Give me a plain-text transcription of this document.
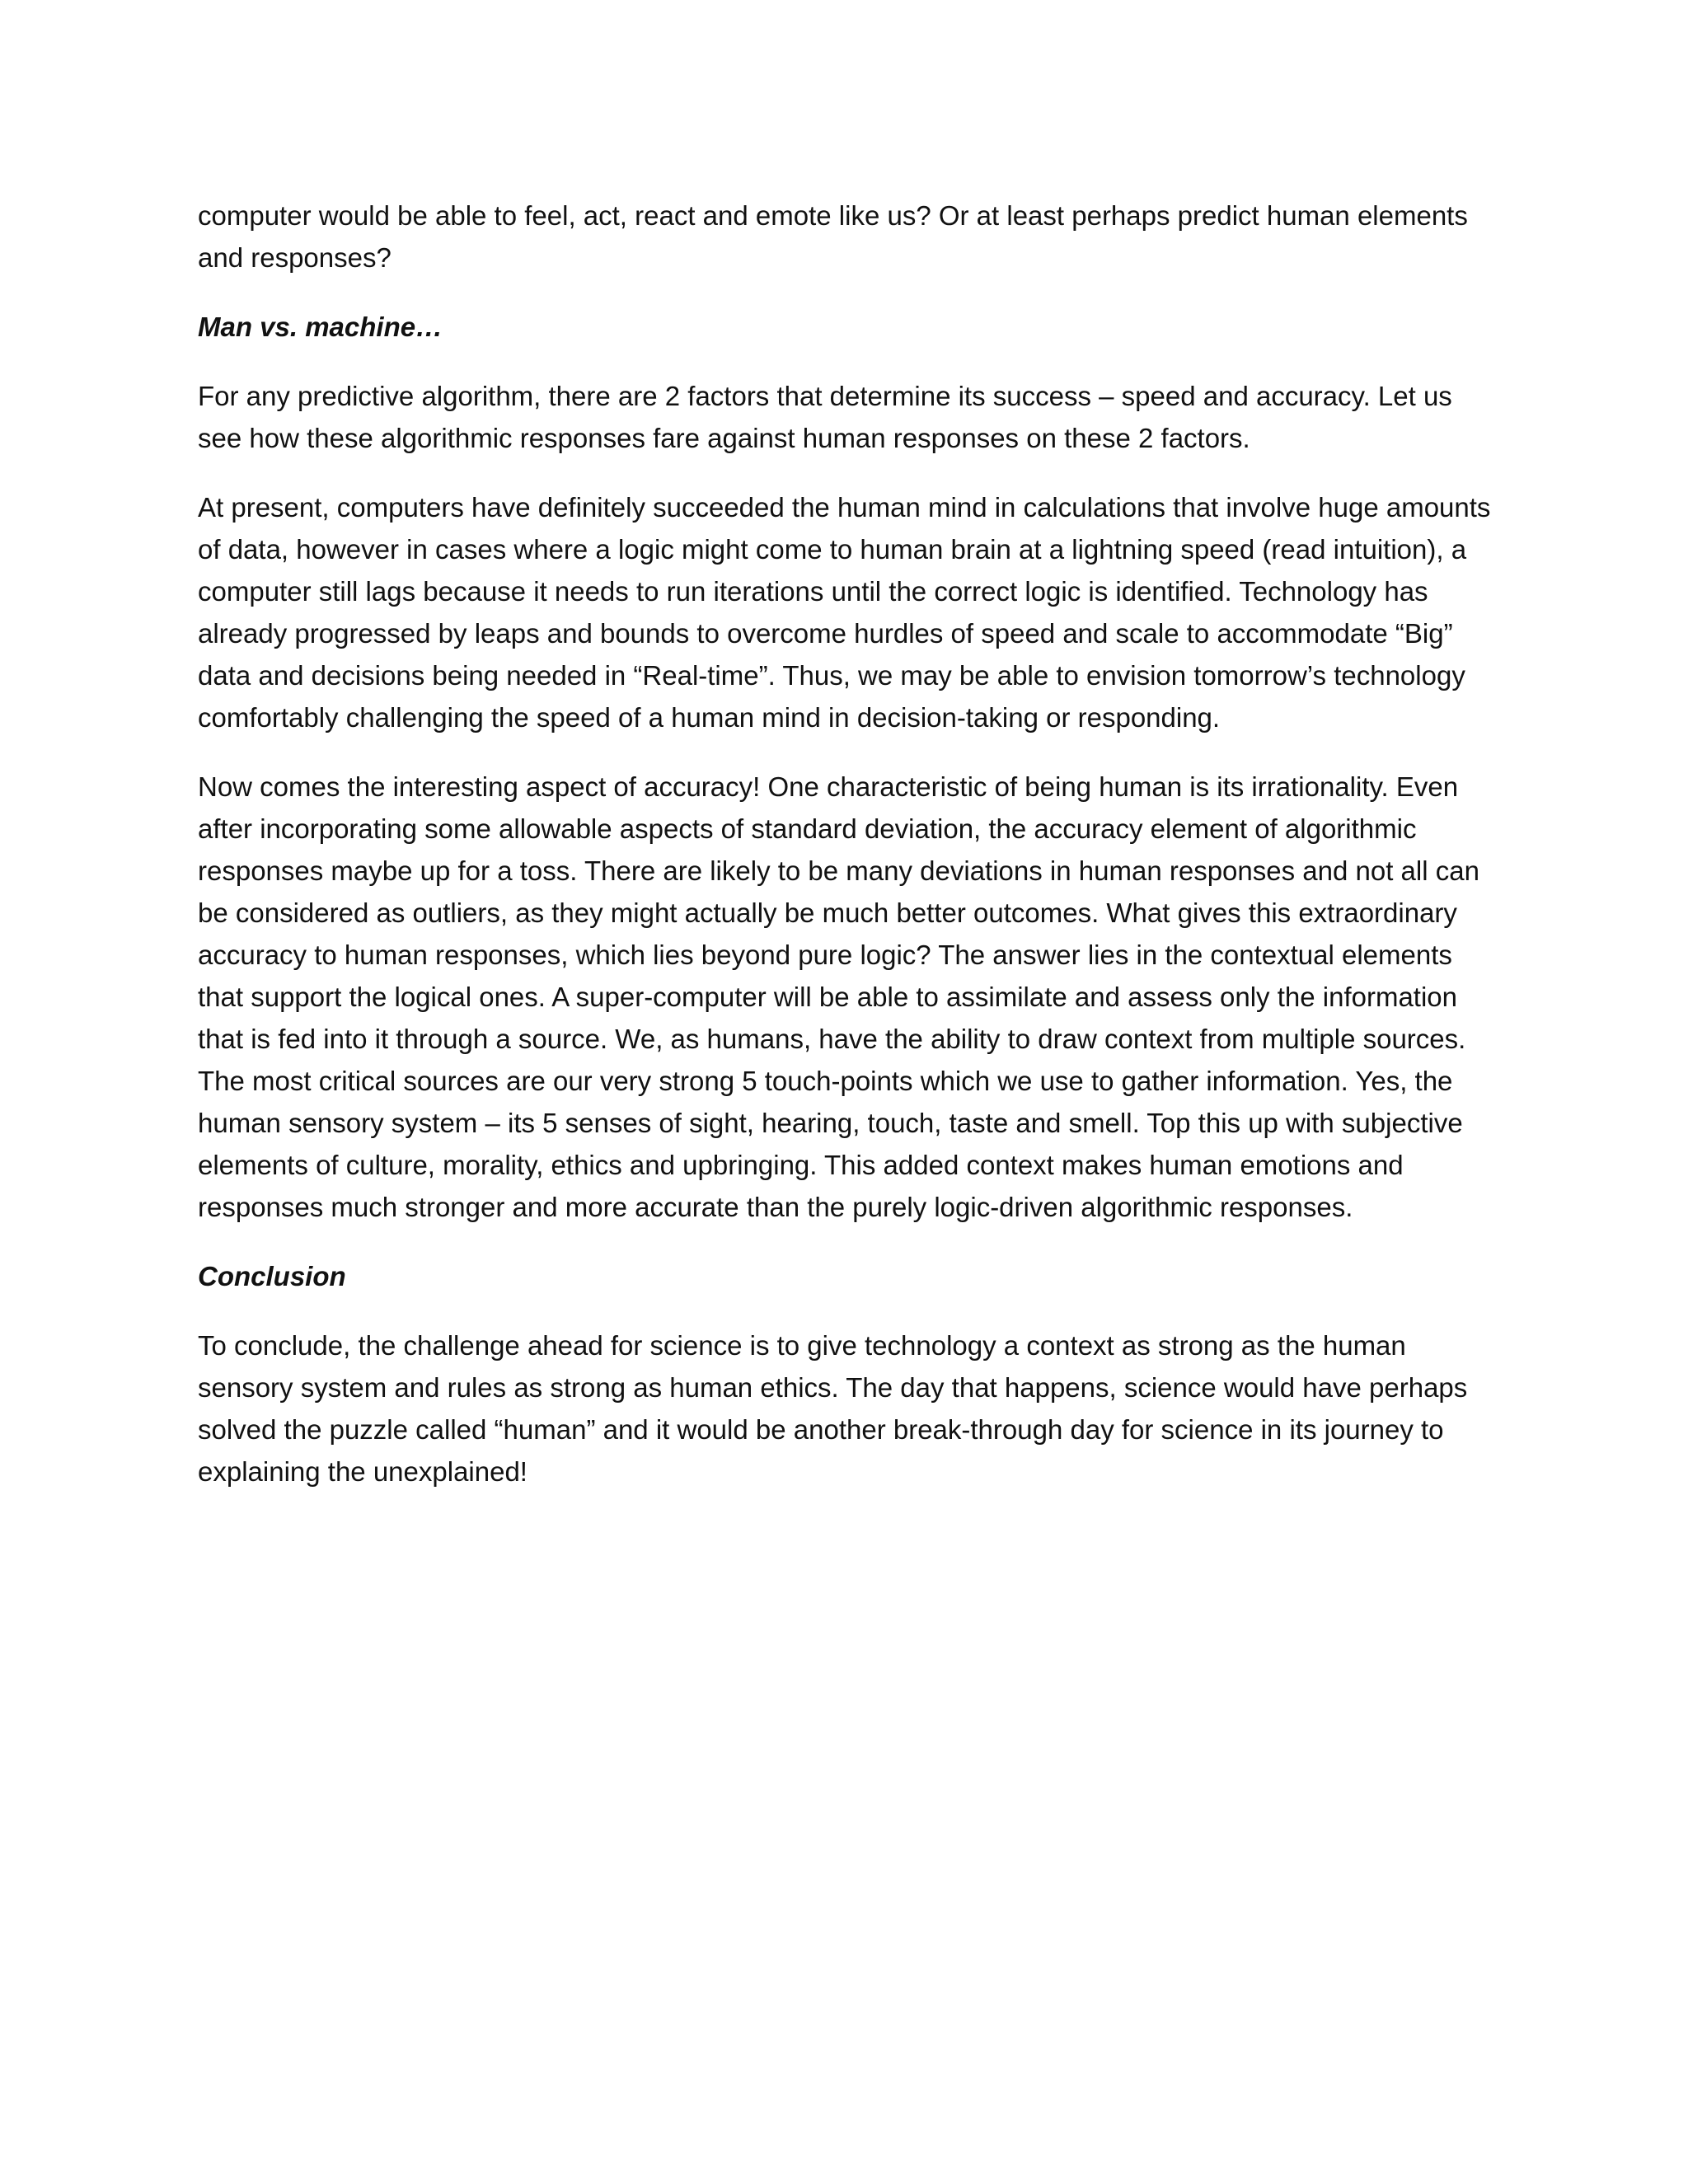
computer would be able to feel, act, react and emote like us? Or at least perhaps predict human elements and responses?

Man vs. machine…

For any predictive algorithm, there are 2 factors that determine its success – speed and accuracy. Let us see how these algorithmic responses fare against human responses on these 2 factors.

At present, computers have definitely succeeded the human mind in calculations that involve huge amounts of data, however in cases where a logic might come to human brain at a lightning speed (read intuition), a computer still lags because it needs to run iterations until the correct logic is identified. Technology has already progressed by leaps and bounds to overcome hurdles of speed and scale to accommodate “Big” data and decisions being needed in “Real-time”. Thus, we may be able to envision tomorrow’s technology comfortably challenging the speed of a human mind in decision-taking or responding.

Now comes the interesting aspect of accuracy! One characteristic of being human is its irrationality. Even after incorporating some allowable aspects of standard deviation, the accuracy element of algorithmic responses maybe up for a toss. There are likely to be many deviations in human responses and not all can be considered as outliers, as they might actually be much better outcomes. What gives this extraordinary accuracy to human responses, which lies beyond pure logic? The answer lies in the contextual elements that support the logical ones. A super-computer will be able to assimilate and assess only the information that is fed into it through a source. We, as humans, have the ability to draw context from multiple sources. The most critical sources are our very strong 5 touch-points which we use to gather information. Yes, the human sensory system – its 5 senses of sight, hearing, touch, taste and smell. Top this up with subjective elements of culture, morality, ethics and upbringing. This added context makes human emotions and responses much stronger and more accurate than the purely logic-driven algorithmic responses.

Conclusion

To conclude, the challenge ahead for science is to give technology a context as strong as the human sensory system and rules as strong as human ethics. The day that happens, science would have perhaps solved the puzzle called “human” and it would be another break-through day for science in its journey to explaining the unexplained!
